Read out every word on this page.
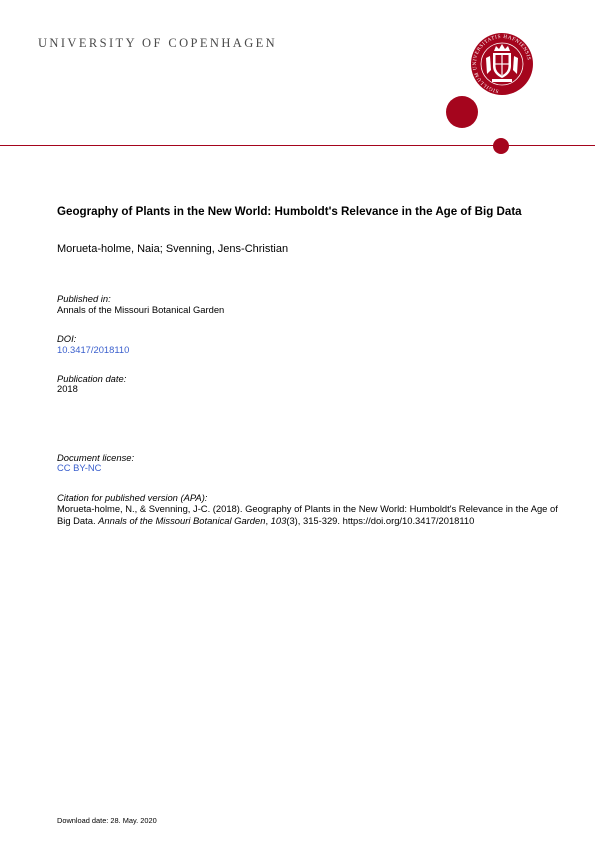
UNIVERSITY OF COPENHAGEN
SIGILLUM UNIVERSITATIS HAFNIENSIS
Geography of Plants in the New World: Humboldt's Relevance in the Age of Big Data
Morueta-holme, Naia; Svenning, Jens-Christian
Published in:
Annals of the Missouri Botanical Garden
DOI:
10.3417/2018110
Publication date:
2018
Document license:
CC BY-NC
Citation for published version (APA):
Morueta-holme, N., & Svenning, J-C. (2018). Geography of Plants in the New World: Humboldt's Relevance in the Age of Big Data. Annals of the Missouri Botanical Garden, 103(3), 315-329. https://doi.org/10.3417/2018110
Download date: 28. May. 2020
